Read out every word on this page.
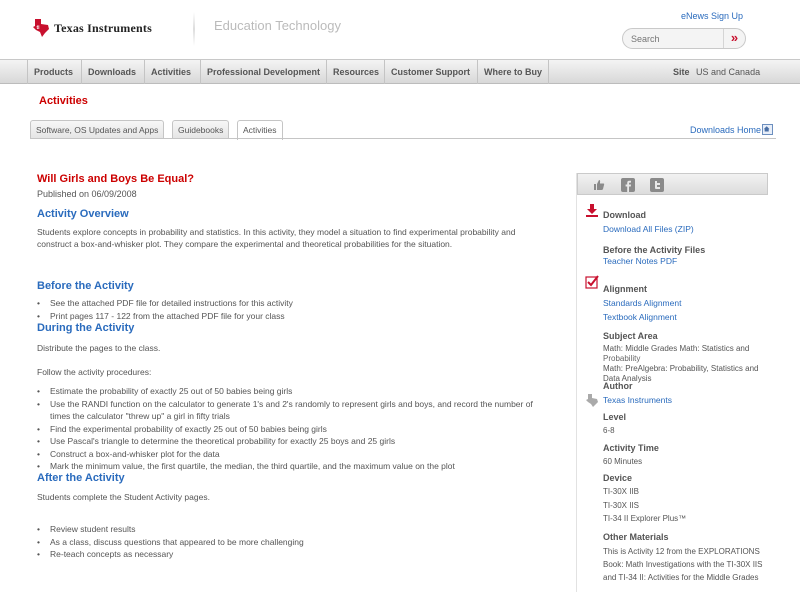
ti Texas Instruments	Education Technology
eNews Sign Up
Search
»
Products	Downloads	Activities	Professional Development	Resources	Customer Support	Where to Buy	Site US and Canada
Activities
Software, OS Updates and Apps	Guidebooks	Activities	Downloads Home
Will Girls and Boys Be Equal?
Published on 06/09/2008
Activity Overview
Students explore concepts in probability and statistics. In this activity, they model a situation to find experimental probability and construct a box-and-whisker plot. They compare the experimental and theoretical probabilities for the situation.
Before the Activity
• See the attached PDF file for detailed instructions for this activity
• Print pages 117 - 122 from the attached PDF file for your class
During the Activity
Distribute the pages to the class.
Follow the activity procedures:
• Estimate the probability of exactly 25 out of 50 babies being girls
• Use the RANDI function on the calculator to generate 1's and 2's randomly to represent girls and boys, and record the number of times the calculator "threw up" a girl in fifty trials
• Find the experimental probability of exactly 25 out of 50 babies being girls
• Use Pascal's triangle to determine the theoretical probability for exactly 25 boys and 25 girls
• Construct a box-and-whisker plot for the data
• Mark the minimum value, the first quartile, the median, the third quartile, and the maximum value on the plot
After the Activity
Students complete the Student Activity pages.
• Review student results
• As a class, discuss questions that appeared to be more challenging
• Re-teach concepts as necessary
Download
Download All Files (ZIP)
Before the Activity Files
Teacher Notes PDF
Alignment
Standards Alignment
Textbook Alignment
Subject Area
Math: Middle Grades Math: Statistics and
Probability
Math: PreAlgebra: Probability, Statistics and Data Analysis
Author
Texas Instruments
Level
6-8
Activity Time
60 Minutes
Device
TI-30X IIB
TI-30X IIS
TI-34 II Explorer Plus™
Other Materials
This is Activity 12 from the EXPLORATIONS Book: Math Investigations with the TI-30X IIS and TI-34 II: Activities for the Middle Grades
